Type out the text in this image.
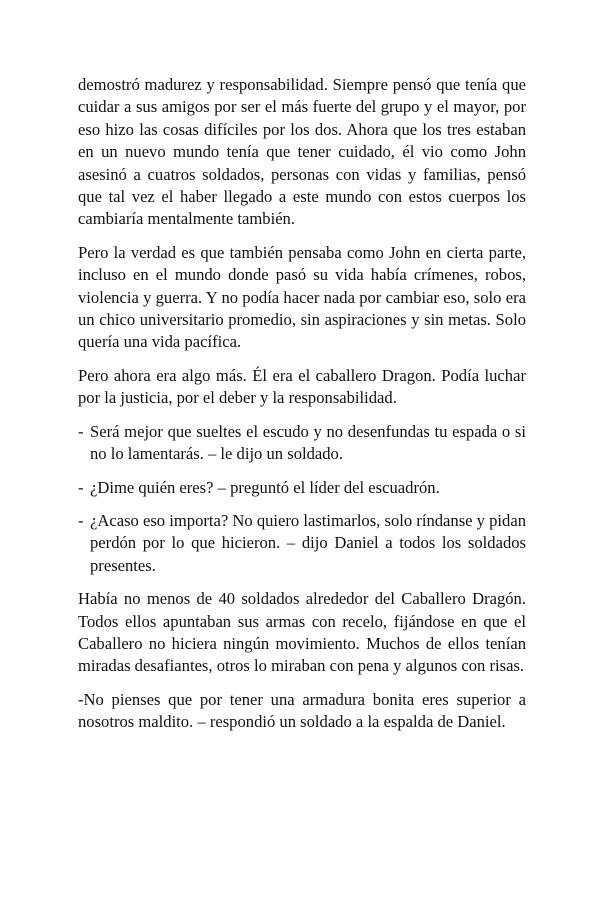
demostró madurez y responsabilidad. Siempre pensó que tenía que cuidar a sus amigos por ser el más fuerte del grupo y el mayor, por eso hizo las cosas difíciles por los dos. Ahora que los tres estaban en un nuevo mundo tenía que tener cuidado, él vio como John asesinó a cuatros soldados, personas con vidas y familias, pensó que tal vez el haber llegado a este mundo con estos cuerpos los cambiaría mentalmente también.

Pero la verdad es que también pensaba como John en cierta parte, incluso en el mundo donde pasó su vida había crímenes, robos, violencia y guerra. Y no podía hacer nada por cambiar eso, solo era un chico universitario promedio, sin aspiraciones y sin metas. Solo quería una vida pacífica.

Pero ahora era algo más. Él era el caballero Dragon. Podía luchar por la justicia, por el deber y la responsabilidad.

- Será mejor que sueltes el escudo y no desenfundas tu espada o si no lo lamentarás. – le dijo un soldado.
- ¿Dime quién eres? – preguntó el líder del escuadrón.
- ¿Acaso eso importa? No quiero lastimarlos, solo ríndanse y pidan perdón por lo que hicieron. – dijo Daniel a todos los soldados presentes.

Había no menos de 40 soldados alrededor del Caballero Dragón. Todos ellos apuntaban sus armas con recelo, fijándose en que el Caballero no hiciera ningún movimiento. Muchos de ellos tenían miradas desafiantes, otros lo miraban con pena y algunos con risas.

-No pienses que por tener una armadura bonita eres superior a nosotros maldito. – respondió un soldado a la espalda de Daniel.
